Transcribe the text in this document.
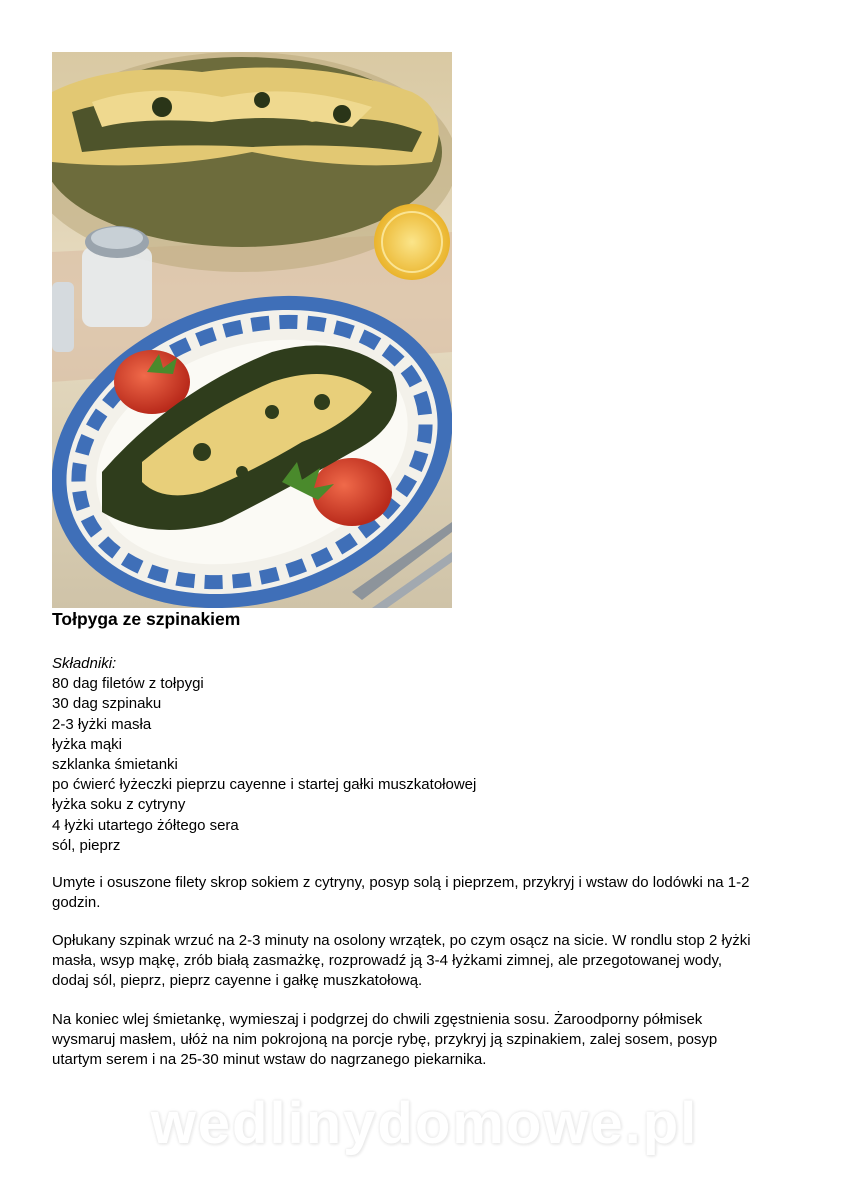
Tołpyga ze szpinakiem
Składniki:
80 dag filetów z tołpygi
30 dag szpinaku
2-3 łyżki masła
łyżka mąki
szklanka śmietanki
po ćwierć łyżeczki pieprzu cayenne i startej gałki muszkatołowej
łyżka soku z cytryny
4 łyżki utartego żółtego sera
sól, pieprz

Umyte i osuszone filety skrop sokiem z cytryny, posyp solą i pieprzem, przykryj i wstaw do lodówki na 1-2 godzin.

Opłukany szpinak wrzuć na 2-3 minuty na osolony wrzątek, po czym osącz na sicie. W rondlu stop 2 łyżki masła, wsyp mąkę, zrób białą zasmażkę, rozprowadź ją 3-4 łyżkami zimnej, ale przegotowanej wody, dodaj sól, pieprz, pieprz cayenne i gałkę muszkatołową.

Na koniec wlej śmietankę, wymieszaj i podgrzej do chwili zgęstnienia sosu. Żaroodporny półmisek wysmaruj masłem, ułóż na nim pokrojoną na porcje rybę, przykryj ją szpinakiem, zalej sosem, posyp utartym serem i na 25-30 minut wstaw do nagrzanego piekarnika.

wedlinydomowe.pl
